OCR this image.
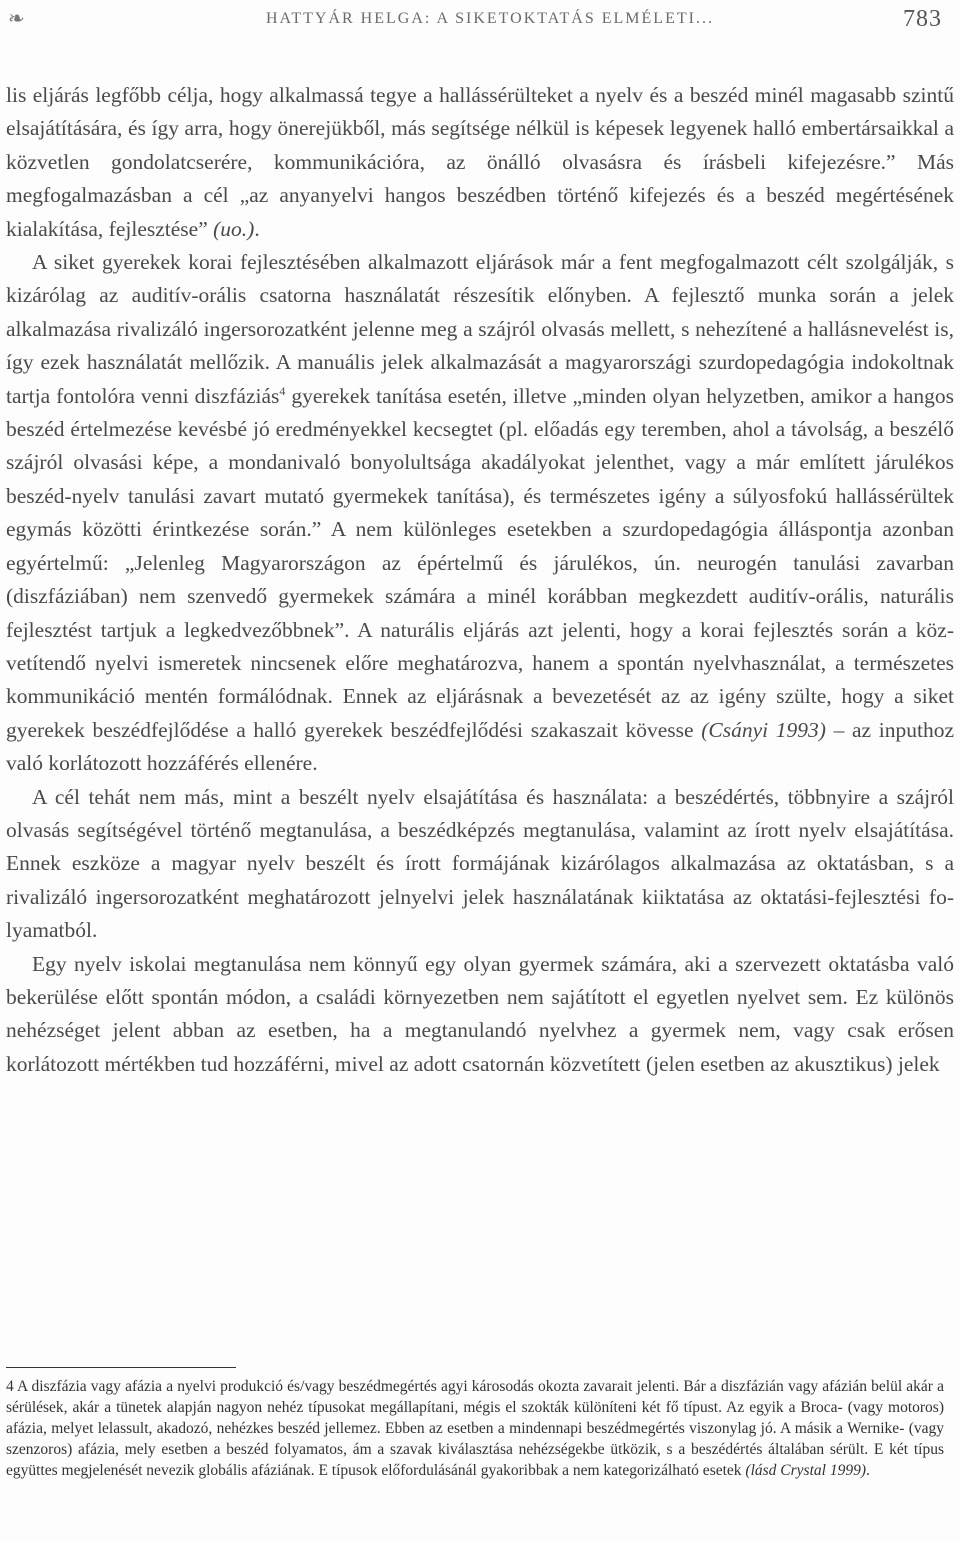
❧	HATTYÁR HELGA: A SIKETOKTATÁS ELMÉLETI...	783

lis eljárás legfőbb célja, hogy alkalmassá tegye a hallássérülteket a nyelv és a beszéd minél magasabb szintű elsajátítására, és így arra, hogy önerejükből, más segítsége nélkül is képesek legyenek halló embertársaikkal a közvetlen gondolatcserére, kommunikációra, az önálló olvasásra és írásbeli kifejezésre.” Más megfogalmazásban a cél „az anyanyelvi hangos beszédben történő kifejezés és a beszéd megértésének kialakítása, fejlesztése” (uo.).

A siket gyerekek korai fejlesztésében alkalmazott eljárások már a fent megfogalmazott célt szolgálják, s kizárólag az auditív-orális csatorna használatát részesítik előnyben. A fejlesztő munka során a jelek alkalmazása rivalizáló ingersorozatként jelenne meg a szájról olvasás mellett, s nehezítené a hallásnevelést is, így ezek használatát mellőzik. A manuális jelek alkalmazását a magyarországi szurdopedagógia indokoltnak tartja fontolóra venni diszfáziás$^4$ gyerekek tanítása esetén, illetve „minden olyan helyzetben, amikor a hangos beszéd értelmezése kevésbé jó eredményekkel kecsegtet (pl. előadás egy teremben, ahol a távolság, a beszélő szájról olvasási képe, a mondanivaló bonyolultsága akadályokat jelenthet, vagy a már említett járulékos beszéd-nyelv tanulási zavart mutató gyermekek tanítása), és természetes igény a súlyosfokú hallássérültek egymás közötti érintkezése során.” A nem különleges esetekben a szurdopedagógia álláspontja azonban egyértelmű: „Jelenleg Magyarországon az épértelmű és járulékos, ún. neurogén tanulási zavarban (diszfáziában) nem szenvedő gyermekek számára a minél korábban megkezdett auditív-orális, naturális fejlesztést tartjuk a legkedvezőbbnek”. A naturális eljárás azt jelenti, hogy a korai fejlesztés során a közvetítendő nyelvi ismeretek nincsenek előre meghatározva, hanem a spontán nyelvhasználat, a természetes kommunikáció mentén formálódnak. Ennek az eljárásnak a bevezetését az az igény szülte, hogy a siket gyerekek beszédfejlődése a halló gyerekek beszédfejlődési szakaszait kövesse (Csányi 1993) – az inputhoz való korlátozott hozzáférés ellenére.

A cél tehát nem más, mint a beszélt nyelv elsajátítása és használata: a beszédértés, többnyire a szájról olvasás segítségével történő megtanulása, a beszédképzés megtanulása, valamint az írott nyelv elsajátítása. Ennek eszköze a magyar nyelv beszélt és írott formájának kizárólagos alkalmazása az oktatásban, s a rivalizáló ingersorozatként meghatározott jelnyelvi jelek használatának kiiktatása az oktatási-fejlesztési folyamatból.

Egy nyelv iskolai megtanulása nem könnyű egy olyan gyermek számára, aki a szervezett oktatásba való bekerülése előtt spontán módon, a családi környezetben nem sajátított el egyetlen nyelvet sem. Ez különös nehézséget jelent abban az esetben, ha a megtanulandó nyelvhez a gyermek nem, vagy csak erősen korlátozott mértékben tud hozzáférni, mivel az adott csatornán közvetített (jelen esetben az akusztikus) jelek

4 A diszfázia vagy afázia a nyelvi produkció és/vagy beszédmegértés agyi károsodás okozta zavarait jelenti. Bár a diszfázián vagy afázián belül akár a sérülések, akár a tünetek alapján nagyon nehéz típusokat megállapítani, mégis el szokták különíteni két fő típust. Az egyik a Broca- (vagy motoros) afázia, melyet lelassult, akadozó, nehézkes beszéd jellemez. Ebben az esetben a mindennapi beszédmegértés viszonylag jó. A másik a Wernike- (vagy szenzoros) afázia, mely esetben a beszéd folyamatos, ám a szavak kiválasztása nehézségekbe ütközik, s a beszédértés általában sérült. E két típus együttes megjelenését nevezik globális afáziának. E típusok előfordulásánál gyakoribbak a nem kategorizálható esetek (lásd Crystal 1999).
